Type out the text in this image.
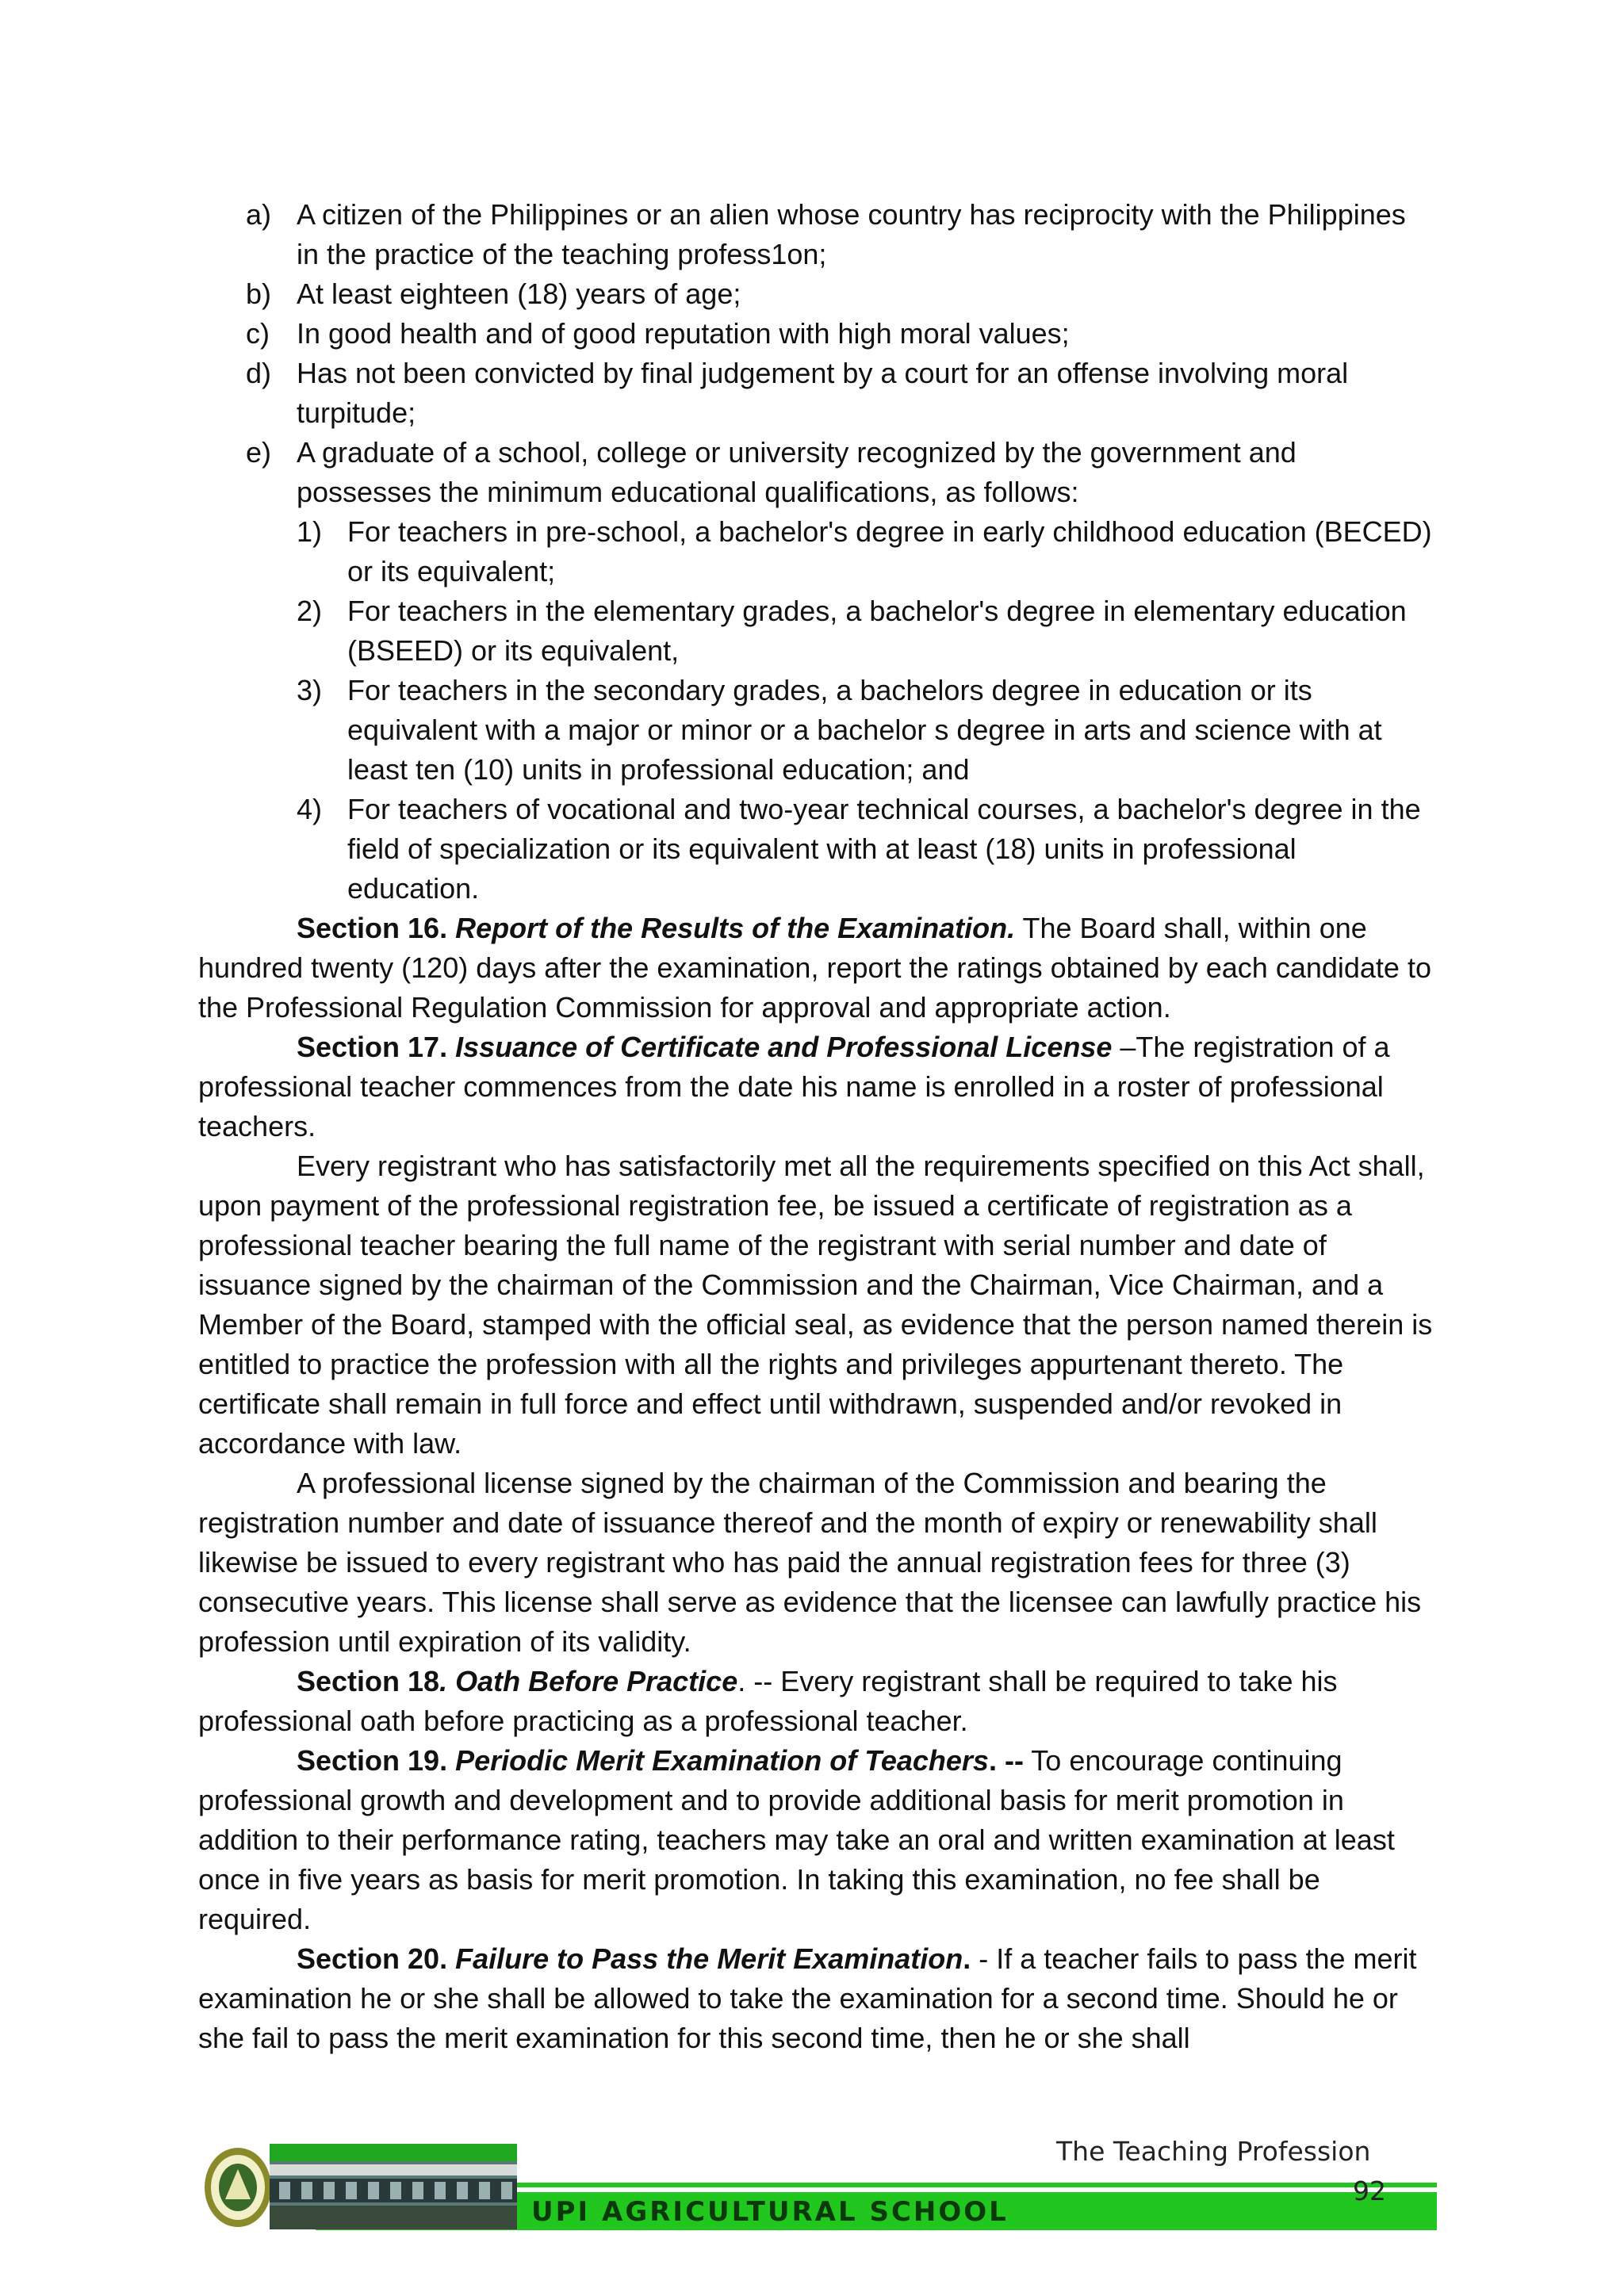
a) A citizen of the Philippines or an alien whose country has reciprocity with the Philippines in the practice of the teaching profess1on;
b) At least eighteen (18) years of age;
c) In good health and of good reputation with high moral values;
d) Has not been convicted by final judgement by a court for an offense involving moral turpitude;
e) A graduate of a school, college or university recognized by the government and possesses the minimum educational qualifications, as follows:
1) For teachers in pre-school, a bachelor's degree in early childhood education (BECED) or its equivalent;
2) For teachers in the elementary grades, a bachelor's degree in elementary education (BSEED) or its equivalent,
3) For teachers in the secondary grades, a bachelors degree in education or its equivalent with a major or minor or a bachelor s degree in arts and science with at least ten (10) units in professional education; and
4) For teachers of vocational and two-year technical courses, a bachelor's degree in the field of specialization or its equivalent with at least (18) units in professional education.
Section 16. Report of the Results of the Examination. The Board shall, within one hundred twenty (120) days after the examination, report the ratings obtained by each candidate to the Professional Regulation Commission for approval and appropriate action.
Section 17. Issuance of Certificate and Professional License –The registration of a professional teacher commences from the date his name is enrolled in a roster of professional teachers.
Every registrant who has satisfactorily met all the requirements specified on this Act shall, upon payment of the professional registration fee, be issued a certificate of registration as a professional teacher bearing the full name of the registrant with serial number and date of issuance signed by the chairman of the Commission and the Chairman, Vice Chairman, and a Member of the Board, stamped with the official seal, as evidence that the person named therein is entitled to practice the profession with all the rights and privileges appurtenant thereto. The certificate shall remain in full force and effect until withdrawn, suspended and/or revoked in accordance with law.
A professional license signed by the chairman of the Commission and bearing the registration number and date of issuance thereof and the month of expiry or renewability shall likewise be issued to every registrant who has paid the annual registration fees for three (3) consecutive years. This license shall serve as evidence that the licensee can lawfully practice his profession until expiration of its validity.
Section 18. Oath Before Practice. -- Every registrant shall be required to take his professional oath before practicing as a professional teacher.
Section 19. Periodic Merit Examination of Teachers. -- To encourage continuing professional growth and development and to provide additional basis for merit promotion in addition to their performance rating, teachers may take an oral and written examination at least once in five years as basis for merit promotion. In taking this examination, no fee shall be required.
Section 20. Failure to Pass the Merit Examination. - If a teacher fails to pass the merit examination he or she shall be allowed to take the examination for a second time. Should he or she fail to pass the merit examination for this second time, then he or she shall
The Teaching Profession
92
UPI AGRICULTURAL SCHOOL
